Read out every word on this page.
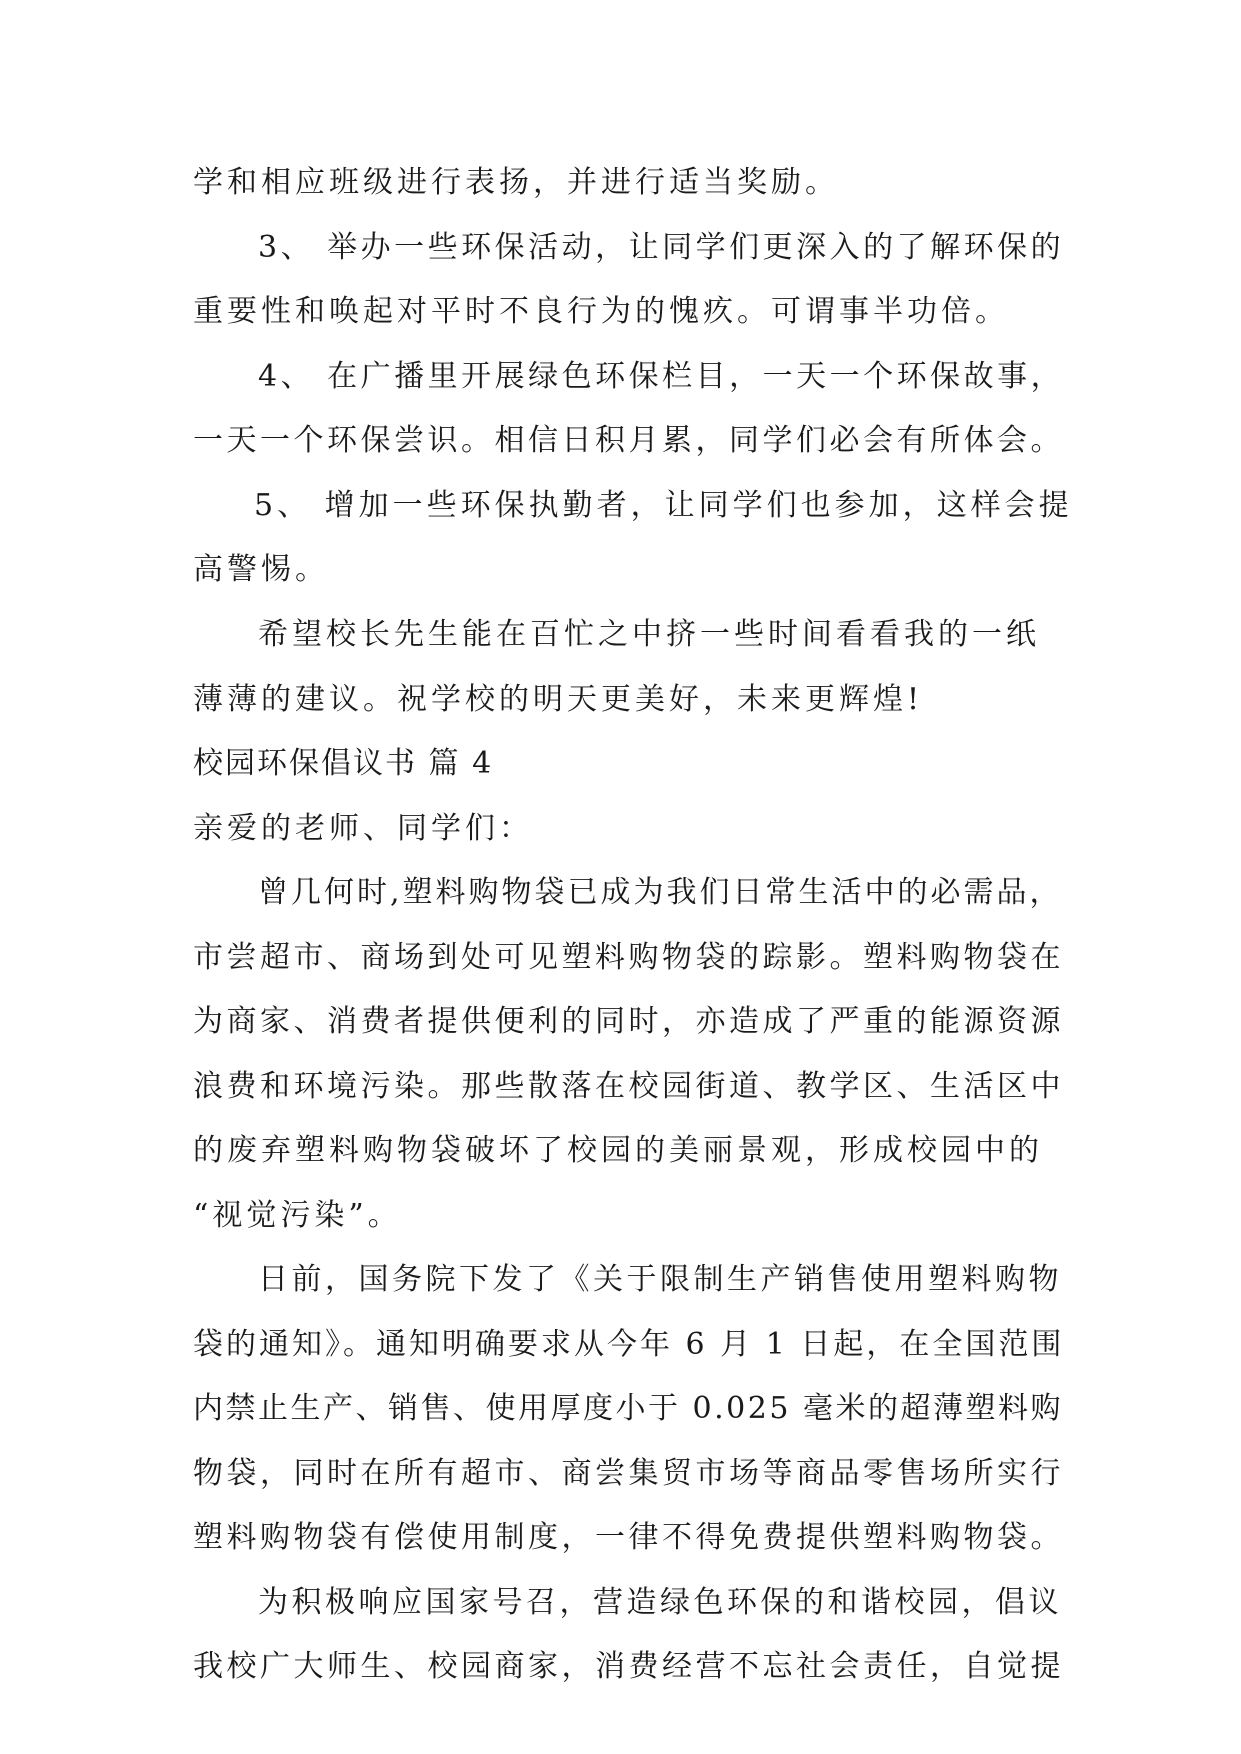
学和相应班级进行表扬，并进行适当奖励。
3、 举办一些环保活动，让同学们更深入的了解环保的
重要性和唤起对平时不良行为的愧疚。可谓事半功倍。
4、 在广播里开展绿色环保栏目，一天一个环保故事，
一天一个环保尝识。相信日积月累，同学们必会有所体会。
5、 增加一些环保执勤者，让同学们也参加，这样会提
高警惕。
希望校长先生能在百忙之中挤一些时间看看我的一纸
薄薄的建议。祝学校的明天更美好，未来更辉煌!
校园环保倡议书 篇 4
亲爱的老师、同学们：
曾几何时,塑料购物袋已成为我们日常生活中的必需品，
市尝超市、商场到处可见塑料购物袋的踪影。塑料购物袋在
为商家、消费者提供便利的同时，亦造成了严重的能源资源
浪费和环境污染。那些散落在校园街道、教学区、生活区中
的废弃塑料购物袋破坏了校园的美丽景观，形成校园中的
“视觉污染”。
日前，国务院下发了《关于限制生产销售使用塑料购物
袋的通知》。通知明确要求从今年 6 月 1 日起，在全国范围
内禁止生产、销售、使用厚度小于 0.025 毫米的超薄塑料购
物袋，同时在所有超市、商尝集贸市场等商品零售场所实行
塑料购物袋有偿使用制度，一律不得免费提供塑料购物袋。
为积极响应国家号召，营造绿色环保的和谐校园，倡议
我校广大师生、校园商家，消费经营不忘社会责任，自觉提
